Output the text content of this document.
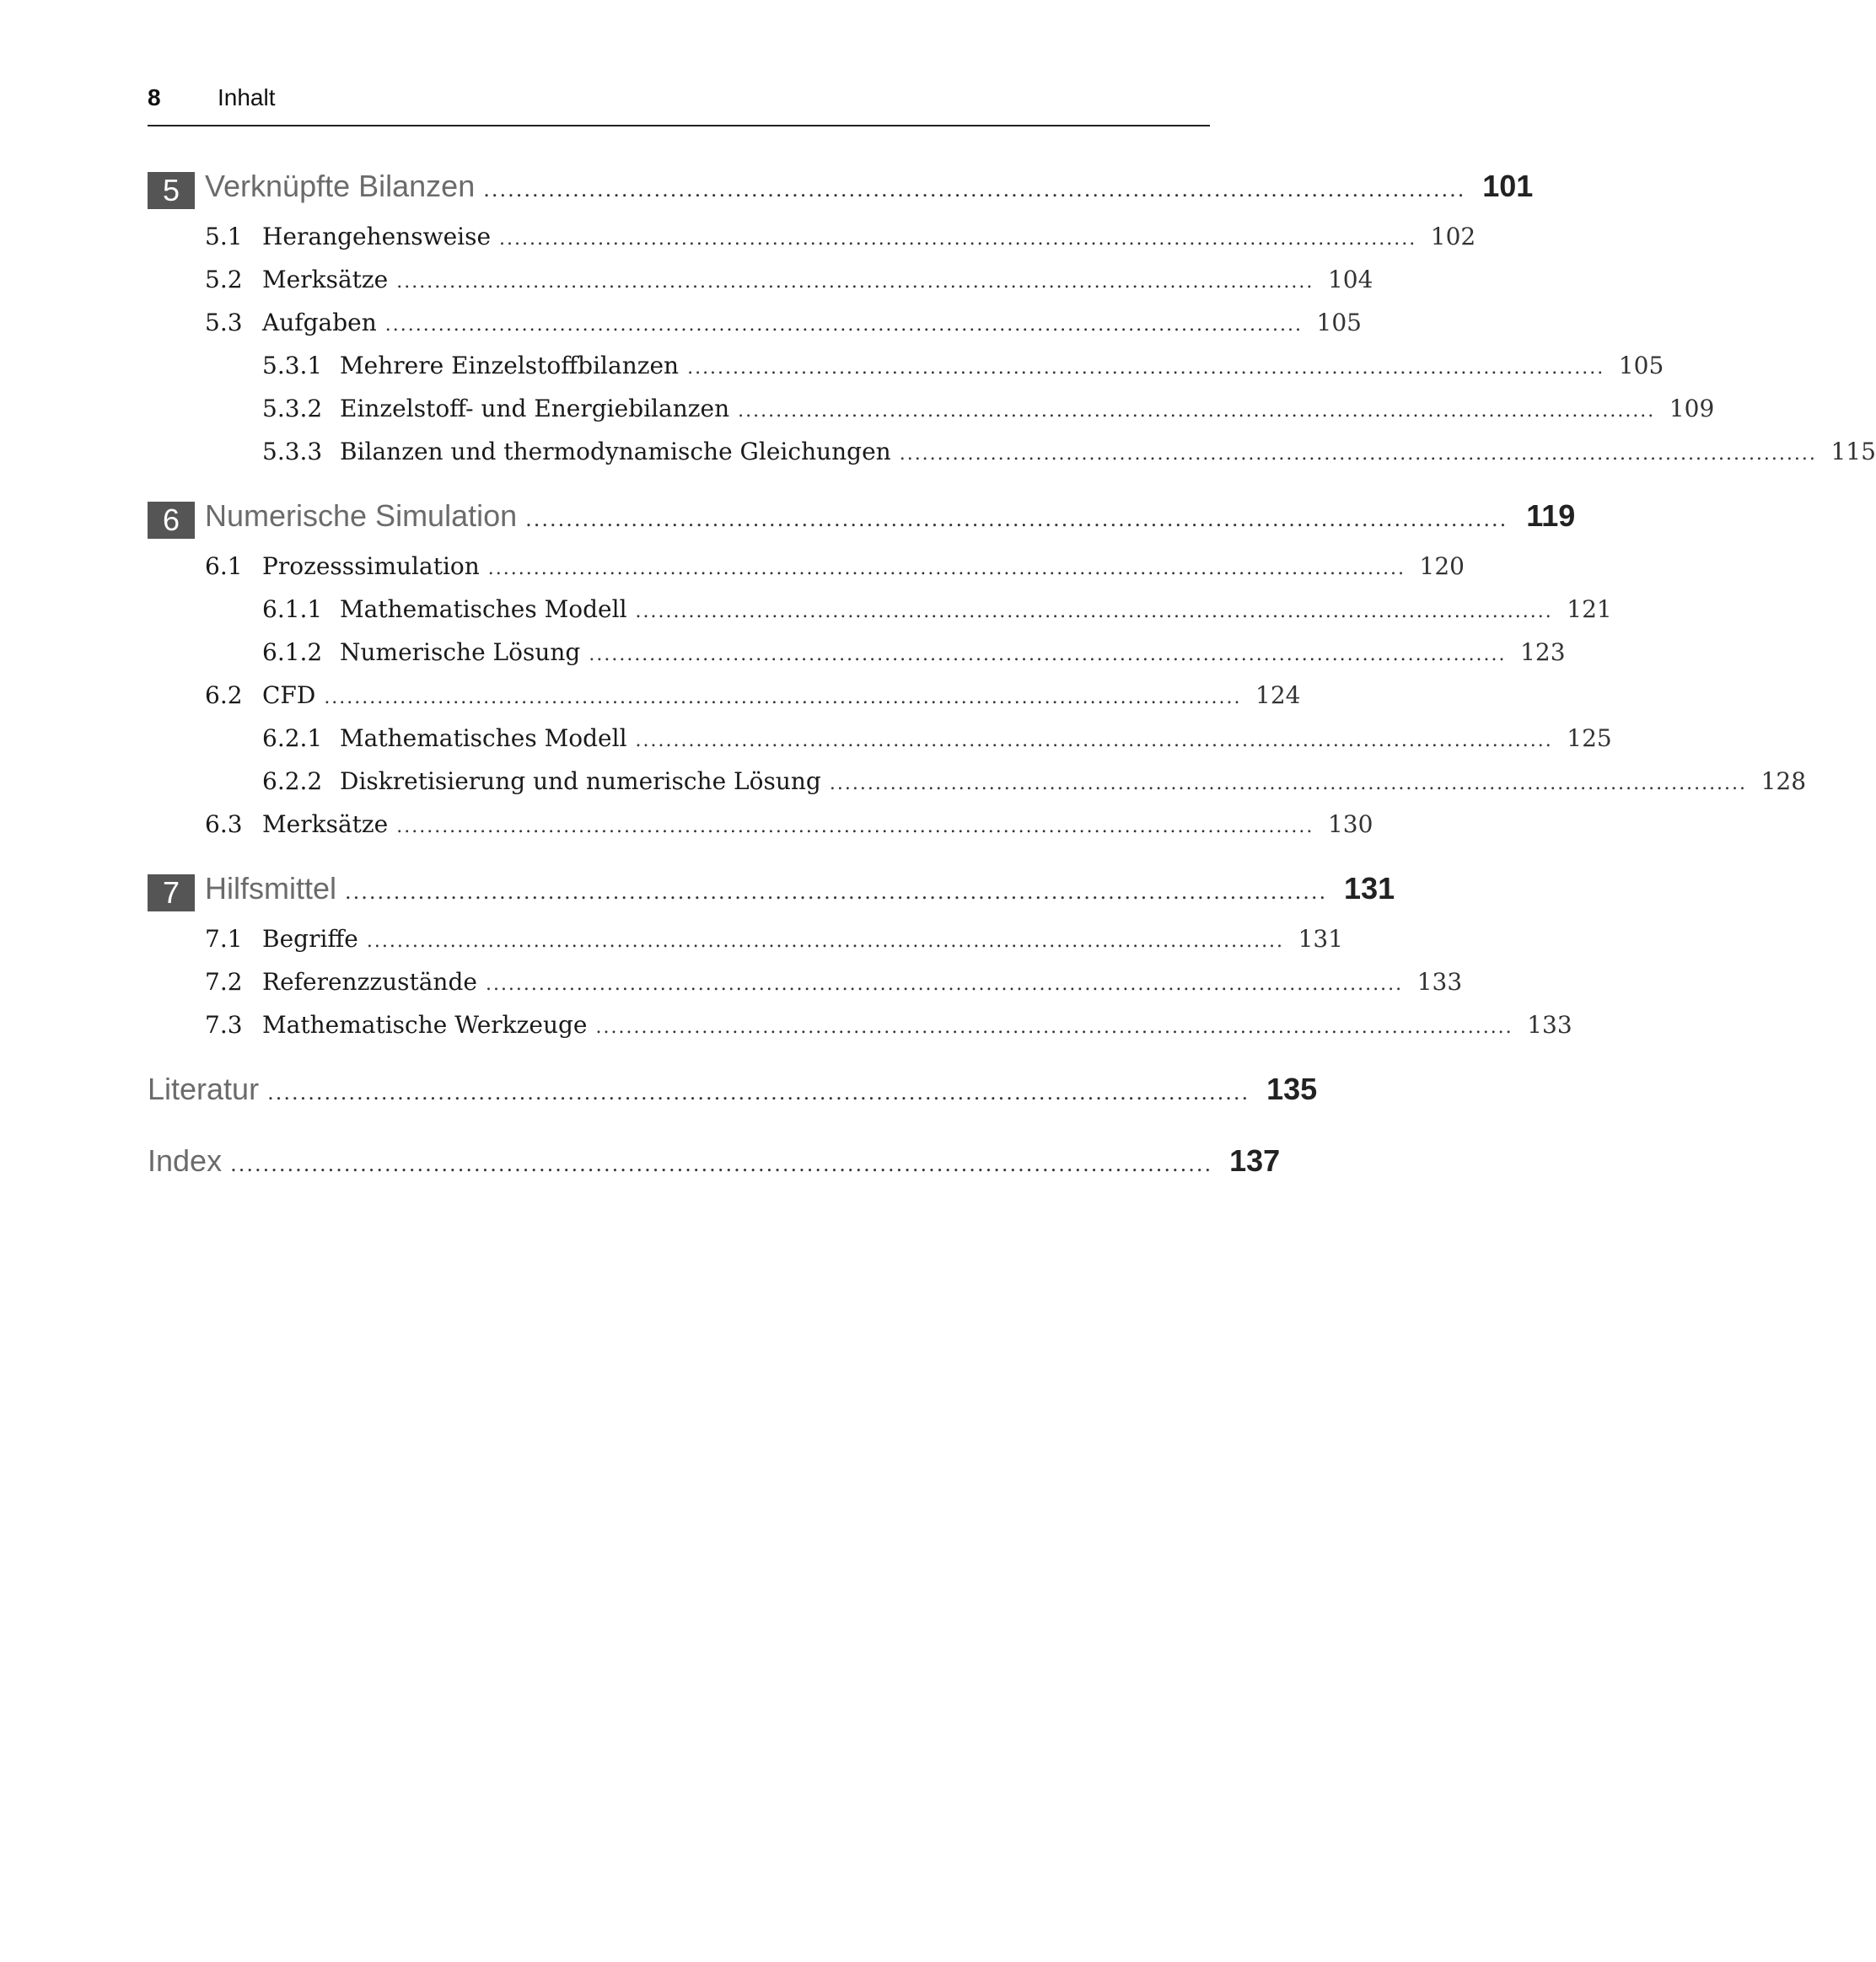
8 Inhalt
5 Verknüpfte Bilanzen ......................................................................................................................... 101
5.1 Herangehensweise ......................................................................................................................... 102
5.2 Merksätze ......................................................................................................................... 104
5.3 Aufgaben ......................................................................................................................... 105
5.3.1 Mehrere Einzelstoffbilanzen ......................................................................................................................... 105
5.3.2 Einzelstoff- und Energiebilanzen ......................................................................................................................... 109
5.3.3 Bilanzen und thermodynamische Gleichungen ......................................................................................................................... 115
6 Numerische Simulation ......................................................................................................................... 119
6.1 Prozesssimulation ......................................................................................................................... 120
6.1.1 Mathematisches Modell ......................................................................................................................... 121
6.1.2 Numerische Lösung ......................................................................................................................... 123
6.2 CFD ......................................................................................................................... 124
6.2.1 Mathematisches Modell ......................................................................................................................... 125
6.2.2 Diskretisierung und numerische Lösung ......................................................................................................................... 128
6.3 Merksätze ......................................................................................................................... 130
7 Hilfsmittel ......................................................................................................................... 131
7.1 Begriffe ......................................................................................................................... 131
7.2 Referenzzustände ......................................................................................................................... 133
7.3 Mathematische Werkzeuge ......................................................................................................................... 133
Literatur ......................................................................................................................... 135
Index ......................................................................................................................... 137
